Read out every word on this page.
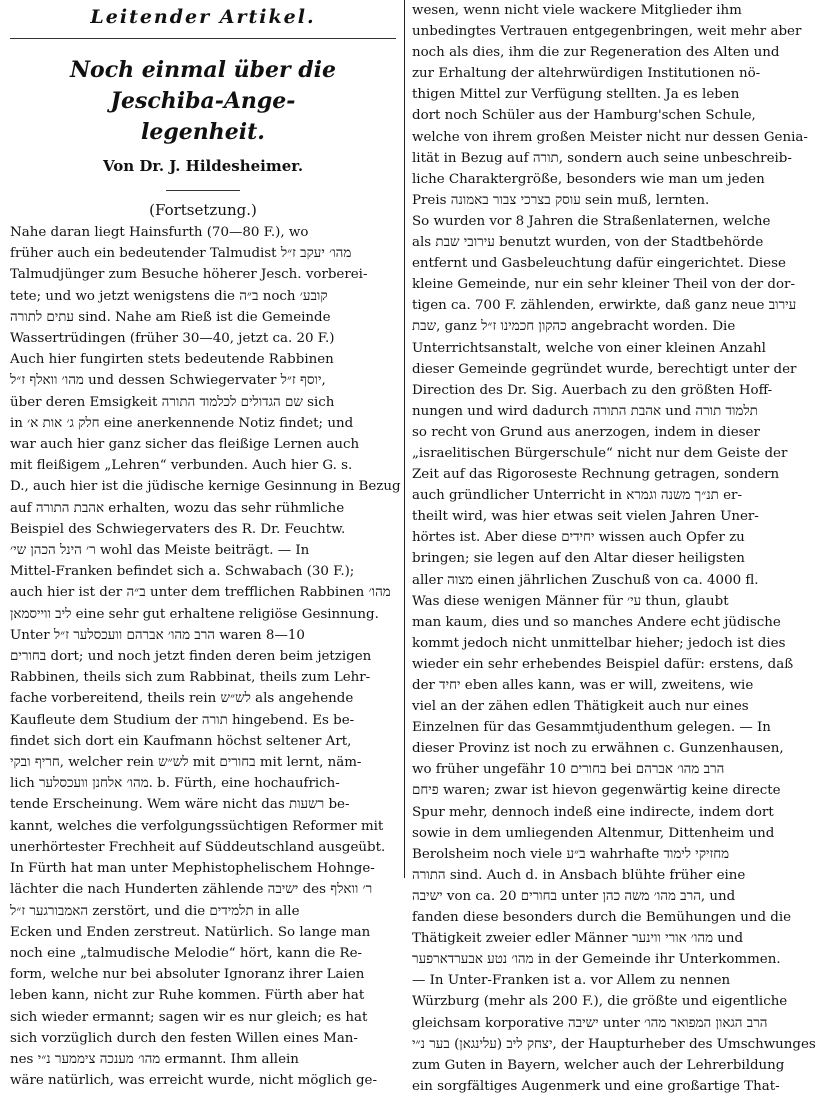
Leitender Artikel.
Noch einmal über die Jeschiba-Ange-
legenheit.
Von Dr. J. Hildesheimer.
(Fortsetzung.)
Nahe daran liegt Hainsfurth (70—80 F.), wo
früher auch ein bedeutender Talmudist מהו׳ יעקב ז״ל
Talmudjünger zum Besuche höherer Jesch. vorberei-
tete; und wo jetzt wenigstens die ב״ה noch קובע׳
עתים לתורה sind. Nahe am Rieß ist die Gemeinde
Wassertrüdingen (früher 30—40, jetzt ca. 20 F.)
Auch hier fungirten stets bedeutende Rabbinen
מהו׳ וואלף ז״ל und dessen Schwiegervater יוסף ז״ל,
über deren Emsigkeit שם הגדולים לכלמוד התורה sich
in חלק ג׳ אות א׳ eine anerkennende Notiz findet; und
war auch hier ganz sicher das fleißige Lernen auch
mit fleißigem „Lehren“ verbunden. Auch hier G. s.
D., auch hier ist die jüdische kernige Gesinnung in Bezug
auf אהבת התורה erhalten, wozu das sehr rühmliche
Beispiel des Schwiegervaters des R. Dr. Feuchtw.
ר׳ הינל הכהן שי׳ wohl das Meiste beiträgt. — In
Mittel-Franken befindet sich a. Schwabach (30 F.);
auch hier ist der ב״ה unter dem trefflichen Rabbinen מהו׳
ליב ווייסמאן eine sehr gut erhaltene religiöse Gesinnung.
Unter הרב מהו׳ אברהם וועכסלער ז״ל waren 8—10
בחורים dort; und noch jetzt finden deren beim jetzigen
Rabbinen, theils sich zum Rabbinat, theils zum Lehr-
fache vorbereitend, theils rein לש״ש als angehende
Kaufleute dem Studium der תורה hingebend. Es be-
findet sich dort ein Kaufmann höchst seltener Art,
חריף ובקי, welcher rein לש״ש mit בחורים mit lernt, näm-
lich מהו׳ אלחנן וועכסלער. b. Fürth, eine hochaufrich-
tende Erscheinung. Wem wäre nicht das רשעות be-
kannt, welches die verfolgungssüchtigen Reformer mit
unerhörtester Frechheit auf Süddeutschland ausgeübt.
In Fürth hat man unter Mephistophelischem Hohnge-
lächter die nach Hunderten zählende ישיבה des ר׳ וואלף
האמבורגער ז״ל zerstört, und die תלמידים in alle
Ecken und Enden zerstreut. Natürlich. So lange man
noch eine „talmudische Melodie“ hört, kann die Re-
form, welche nur bei absoluter Ignoranz ihrer Laien
leben kann, nicht zur Ruhe kommen. Fürth aber hat
sich wieder ermannt; sagen wir es nur gleich; es hat
sich vorzüglich durch den festen Willen eines Man-
nes מהו׳ מענכה ציממער נ״י ermannt. Ihm allein
wäre natürlich, was erreicht wurde, nicht möglich ge-
wesen, wenn nicht viele wackere Mitglieder ihm
unbedingtes Vertrauen entgegenbringen, weit mehr aber
noch als dies, ihm die zur Regeneration des Alten und
zur Erhaltung der altehrwürdigen Institutionen nö-
thigen Mittel zur Verfügung stellten. Ja es leben
dort noch Schüler aus der Hamburg'schen Schule,
welche von ihrem großen Meister nicht nur dessen Genia-
lität in Bezug auf תורה, sondern auch seine unbeschreib-
liche Charaktergröße, besonders wie man um jeden
Preis עוסק בצרכי צבור באמונה sein muß, lernten.
So wurden vor 8 Jahren die Straßenlaternen, welche
als עירובי שבת benutzt wurden, von der Stadtbehörde
entfernt und Gasbeleuchtung dafür eingerichtet. Diese
kleine Gemeinde, nur ein sehr kleiner Theil von der dor-
tigen ca. 700 F. zählenden, erwirkte, daß ganz neue עירוב
שבת, ganz כהקון חכמינו ז״ל angebracht worden. Die
Unterrichtsanstalt, welche von einer kleinen Anzahl
dieser Gemeinde gegründet wurde, berechtigt unter der
Direction des Dr. Sig. Auerbach zu den größten Hoff-
nungen und wird dadurch אהבת התורה und תלמוד תורה
so recht von Grund aus anerzogen, indem in dieser
„israelitischen Bürgerschule“ nicht nur dem Geiste der
Zeit auf das Rigoroseste Rechnung getragen, sondern
auch gründlicher Unterricht in תנ״ך משנה וגמרא er-
theilt wird, was hier etwas seit vielen Jahren Uner-
hörtes ist. Aber diese יחידים wissen auch Opfer zu
bringen; sie legen auf den Altar dieser heiligsten
aller מצוה einen jährlichen Zuschuß von ca. 4000 fl.
Was diese wenigen Männer für עי׳ thun, glaubt
man kaum, dies und so manches Andere echt jüdische
kommt jedoch nicht unmittelbar hieher; jedoch ist dies
wieder ein sehr erhebendes Beispiel dafür: erstens, daß
der יחיד eben alles kann, was er will, zweitens, wie
viel an der zähen edlen Thätigkeit auch nur eines
Einzelnen für das Gesammtjudenthum gelegen. — In
dieser Provinz ist noch zu erwähnen c. Gunzenhausen,
wo früher ungefähr 10 בחורים bei הרב מהו׳ אברהם
פיחם waren; zwar ist hievon gegenwärtig keine directe
Spur mehr, dennoch indeß eine indirecte, indem dort
sowie in dem umliegenden Altenmur, Dittenheim und
Berolsheim noch viele ב״ע wahrhafte מחזיקי לימוד
התורה sind. Auch d. in Ansbach blühte früher eine
ישיבה von ca. 20 בחורים unter הרב מהו׳ משה כהן, und
fanden diese besonders durch die Bemühungen und die
Thätigkeit zweier edler Männer מהו׳ אורי ווינער und
מהו׳ נטע אבערדארפער in der Gemeinde ihr Unterkommen.
— In Unter-Franken ist a. vor Allem zu nennen
Würzburg (mehr als 200 F.), die größte und eigentliche
gleichsam korporative ישיבה unter הרב הגאון המפואר מהו׳
יצחק ליב (עלינגאן) בער נ״י, der Haupturheber des Umschwunges
zum Guten in Bayern, welcher auch der Lehrerbildung
ein sorgfältiges Augenmerk und eine großartige That-
